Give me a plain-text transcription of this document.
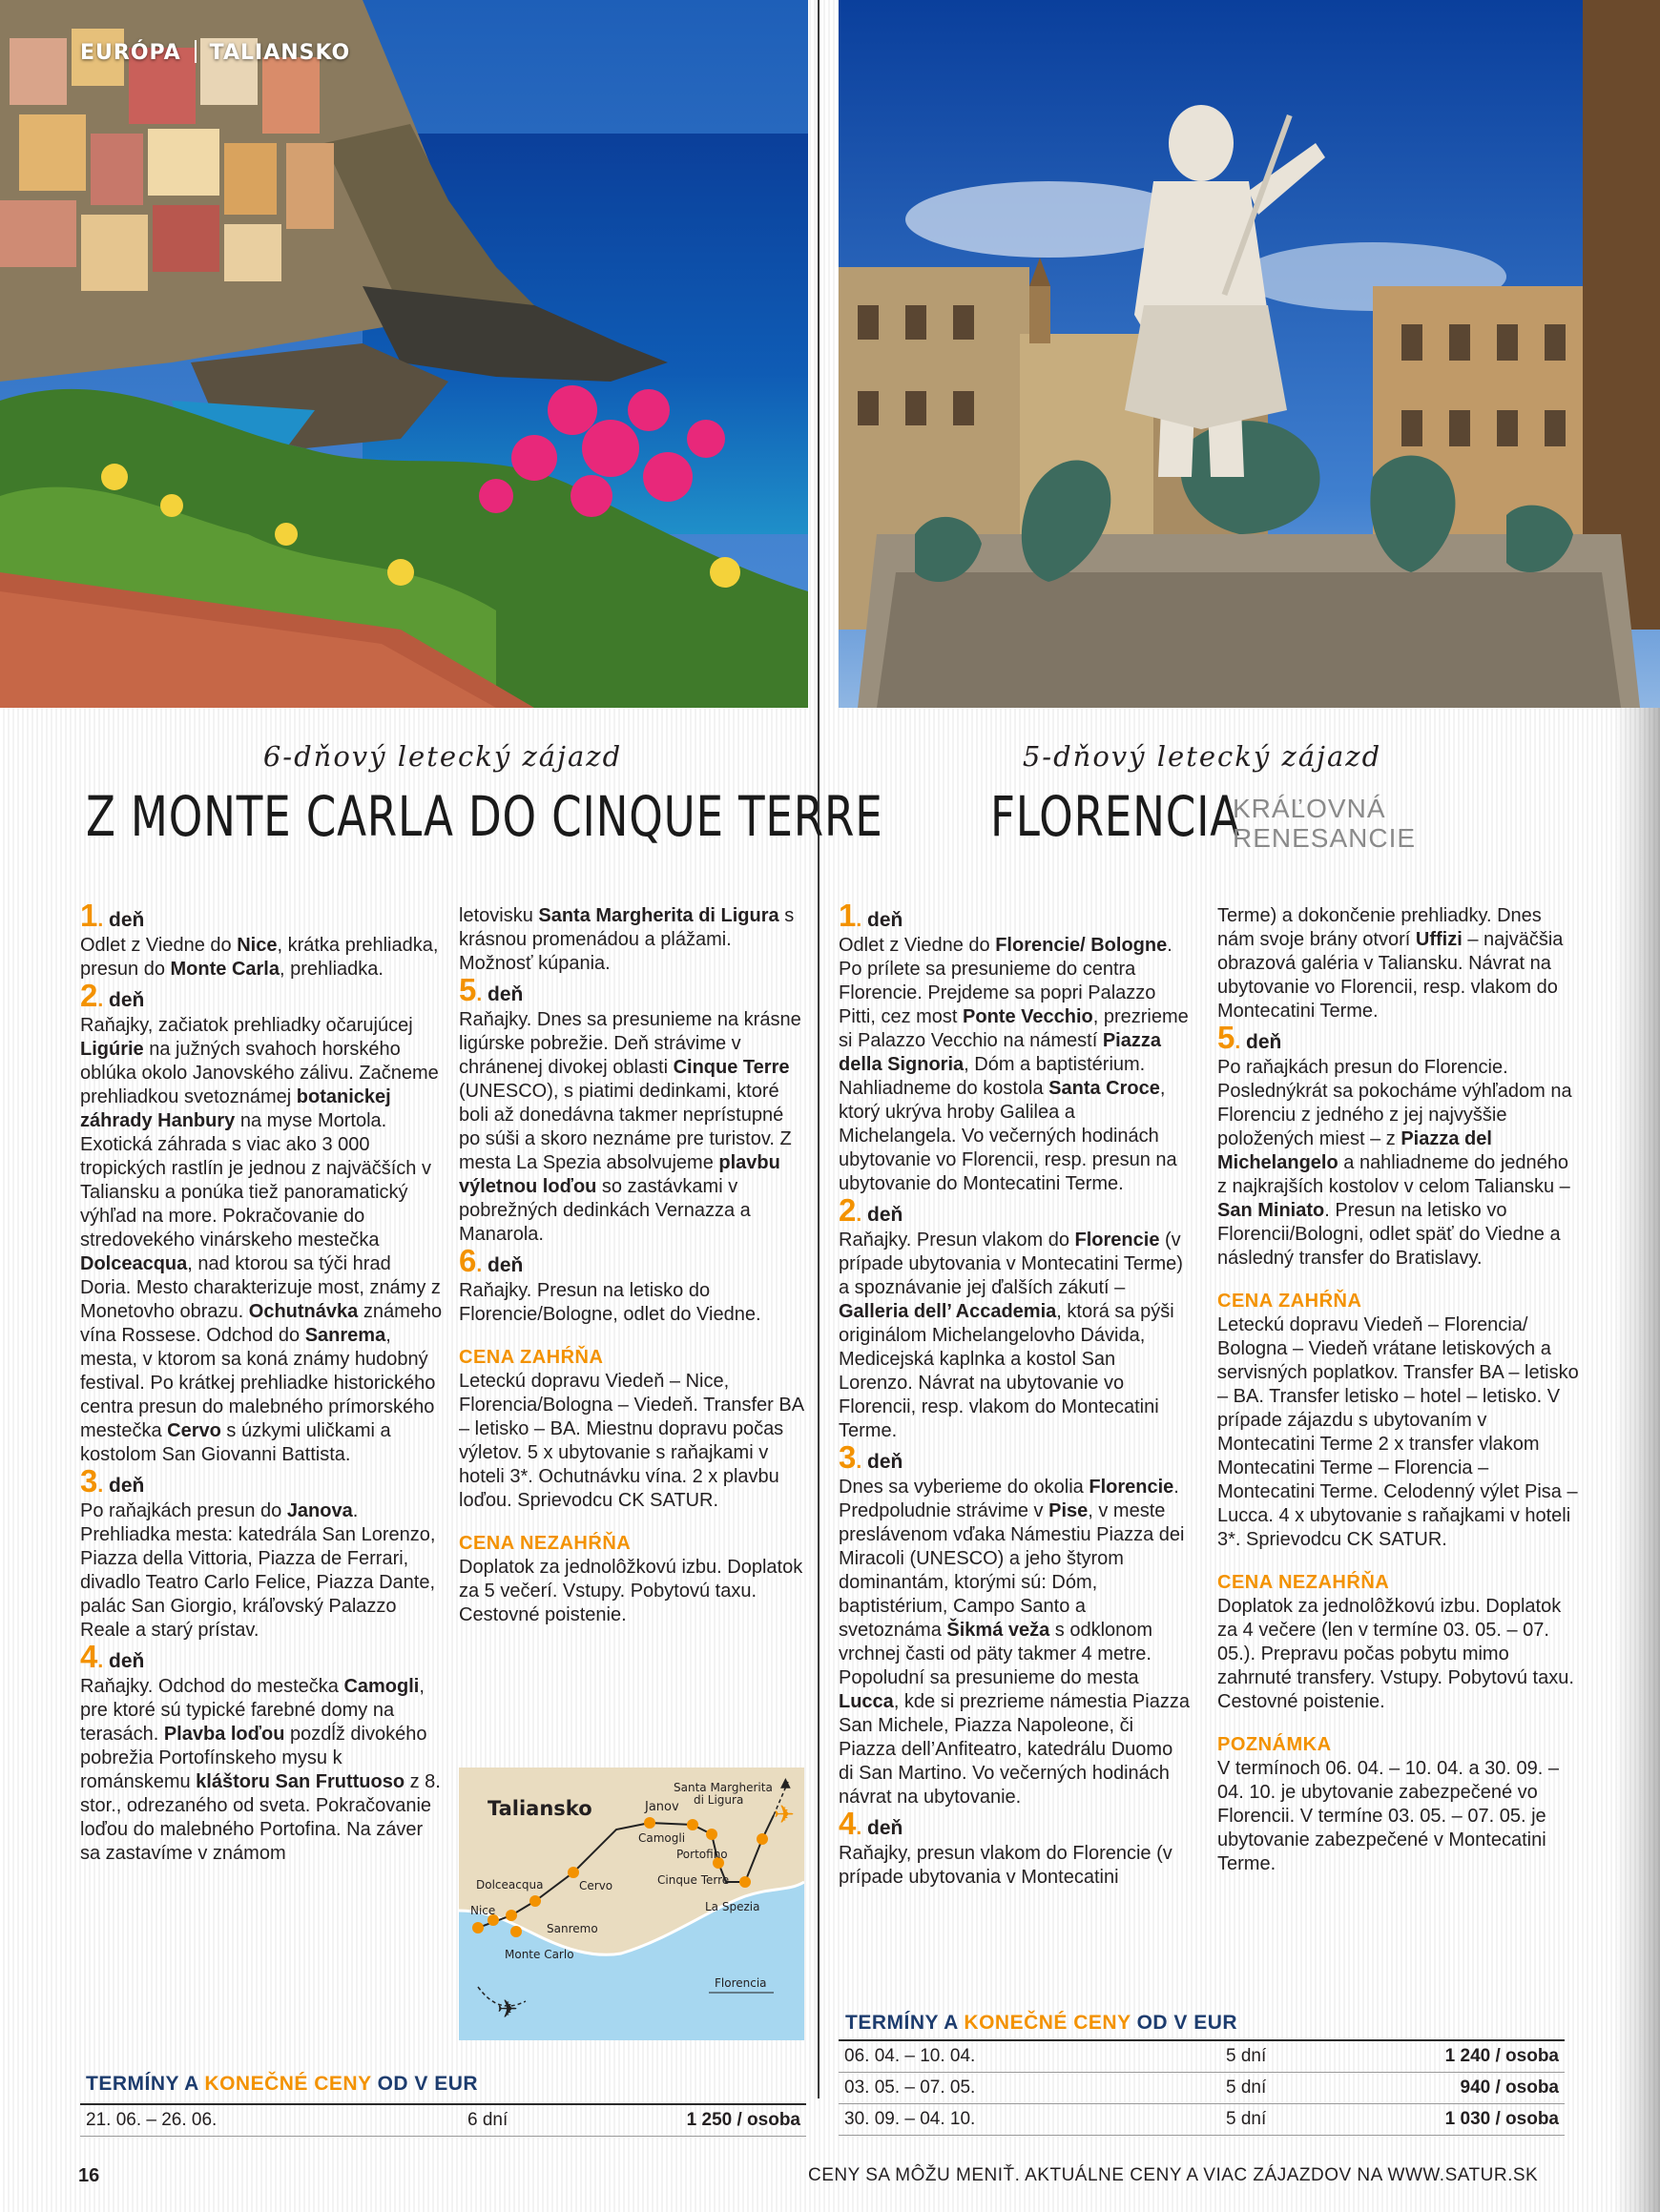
EURÓPA TALIANSKO
6-dňový letecký zájazd
Z MONTE CARLA DO CINQUE TERRE

1. deň
Odlet z Viedne do Nice, krátka prehliadka, presun do Monte Carla, prehliadka.

2. deň
Raňajky, začiatok prehliadky očarujúcej Ligúrie na južných svahoch horského oblúka okolo Janovského zálivu. Začneme prehliadkou svetoznámej botanickej záhrady Hanbury na myse Mortola. Exotická záhrada s viac ako 3 000 tropických rastlín je jednou z najväčších v Taliansku a ponúka tiež panoramatický výhľad na more. Pokračovanie do stredovekého vinárskeho mestečka Dolceacqua, nad ktorou sa týči hrad Doria. Mesto charakterizuje most, známy z Monetovho obrazu. Ochutnávka známeho vína Rossese. Odchod do Sanrema, mesta, v ktorom sa koná známy hudobný festival. Po krátkej prehliadke historického centra presun do malebného prímorského mestečka Cervo s úzkymi uličkami a kostolom San Giovanni Battista.

3. deň
Po raňajkách presun do Janova. Prehliadka mesta: katedrála San Lorenzo, Piazza della Vittoria, Piazza de Ferrari, divadlo Teatro Carlo Felice, Piazza Dante, palác San Giorgio, kráľovský Palazzo Reale a starý prístav.

4. deň
Raňajky. Odchod do mestečka Camogli, pre ktoré sú typické farebné domy na terasách. Plavba loďou pozdĺž divokého pobrežia Portofínskeho mysu k románskemu kláštoru San Fruttuoso z 8. stor., odrezaného od sveta. Pokračovanie loďou do malebného Portofina. Na záver sa zastavíme v známom

letovisku Santa Margherita di Ligura s krásnou promenádou a plážami. Možnosť kúpania.

5. deň
Raňajky. Dnes sa presunieme na krásne ligúrske pobrežie. Deň strávime v chránenej divokej oblasti Cinque Terre (UNESCO), s piatimi dedinkami, ktoré boli až donedávna takmer neprístupné po súši a skoro neznáme pre turistov. Z mesta La Spezia absolvujeme plavbu výletnou loďou so zastávkami v pobrežných dedinkách Vernazza a Manarola.

6. deň
Raňajky. Presun na letisko do Florencie/Bologne, odlet do Viedne.

CENA ZAHŔŇA

Leteckú dopravu Viedeň – Nice, Florencia/Bologna – Viedeň. Transfer BA – letisko – BA. Miestnu dopravu počas výletov. 5 x ubytovanie s raňajkami v hoteli 3*. Ochutnávku vína. 2 x plavbu loďou. Sprievodcu CK SATUR.

CENA NEZAHŔŇA

Doplatok za jednolôžkovú izbu. Doplatok za 5 večerí. Vstupy. Pobytovú taxu. Cestovné poistenie.

✈
✈
▲
Taliansko	Janov
Santa Margherita
di Ligura
Camogli
Portofino
Cinque Terre
La Spezia
Dolceacqua	Cervo
Nice
Sanremo
Monte Carlo
Florencia
TERMÍNY A KONEČNÉ CENY OD V EUR
21. 06. – 26. 06.	6 dní	1 250 / osoba
5-dňový letecký zájazd
FLORENCIA
KRÁĽOVNÁ
RENESANCIE

1. deň
Odlet z Viedne do Florencie/ Bologne. Po prílete sa presunieme do centra Florencie. Prejdeme sa popri Palazzo Pitti, cez most Ponte Vecchio, prezrieme si Palazzo Vecchio na námestí Piazza della Signoria, Dóm a baptistérium. Nahliadneme do kostola Santa Croce, ktorý ukrýva hroby Galilea a Michelangela. Vo večerných hodinách ubytovanie vo Florencii, resp. presun na ubytovanie do Montecatini Terme.

2. deň
Raňajky. Presun vlakom do Florencie (v prípade ubytovania v Montecatini Terme) a spoznávanie jej ďalších zákutí – Galleria dell’ Accademia, ktorá sa pýši originálom Michelangelovho Dávida, Medicejská kaplnka a kostol San Lorenzo. Návrat na ubytovanie vo Florencii, resp. vlakom do Montecatini Terme.

3. deň
Dnes sa vyberieme do okolia Florencie. Predpoludnie strávime v Pise, v meste preslávenom vďaka Námestiu Piazza dei Miracoli (UNESCO) a jeho štyrom dominantám, ktorými sú: Dóm, baptistérium, Campo Santo a svetoznáma Šikmá veža s odklonom vrchnej časti od päty takmer 4 metre. Popoludní sa presunieme do mesta Lucca, kde si prezrieme námestia Piazza San Michele, Piazza Napoleone, či Piazza dell’Anfiteatro, katedrálu Duomo di San Martino. Vo večerných hodinách návrat na ubytovanie.

4. deň
Raňajky, presun vlakom do Florencie (v prípade ubytovania v Montecatini

Terme) a dokončenie prehliadky. Dnes nám svoje brány otvorí Uffizi – najväčšia obrazová galéria v Taliansku. Návrat na ubytovanie vo Florencii, resp. vlakom do Montecatini Terme.

5. deň
Po raňajkách presun do Florencie. Poslednýkrát sa pokocháme výhľadom na Florenciu z jedného z jej najvyššie položených miest – z Piazza del Michelangelo a nahliadneme do jedného z najkrajších kostolov v celom Taliansku – San Miniato. Presun na letisko vo Florencii/Bologni, odlet späť do Viedne a následný transfer do Bratislavy.

CENA ZAHŔŇA

Leteckú dopravu Viedeň – Florencia/ Bologna – Viedeň vrátane letiskových a servisných poplatkov. Transfer BA – letisko – BA. Transfer letisko – hotel – letisko. V prípade zájazdu s ubytovaním v Montecatini Terme 2 x transfer vlakom Montecatini Terme – Florencia – Montecatini Terme. Celodenný výlet Pisa – Lucca. 4 x ubytovanie s raňajkami v hoteli 3*. Sprievodcu CK SATUR.

CENA NEZAHŔŇA

Doplatok za jednolôžkovú izbu. Doplatok za 4 večere (len v termíne 03. 05. – 07. 05.). Prepravu počas pobytu mimo zahrnuté transfery. Vstupy. Pobytovú taxu. Cestovné poistenie.

POZNÁMKA

V termínoch 06. 04. – 10. 04. a 30. 09. – 04. 10. je ubytovanie zabezpečené vo Florencii. V termíne 03. 05. – 07. 05. je ubytovanie zabezpečené v Montecatini Terme.

TERMÍNY A KONEČNÉ CENY OD V EUR
06. 04. – 10. 04.	5 dní	1 240 / osoba
03. 05. – 07. 05.	5 dní	940 / osoba
30. 09. – 04. 10.	5 dní	1 030 / osoba
16	CENY SA MÔŽU MENIŤ. AKTUÁLNE CENY A VIAC ZÁJAZDOV NA WWW.SATUR.SK
